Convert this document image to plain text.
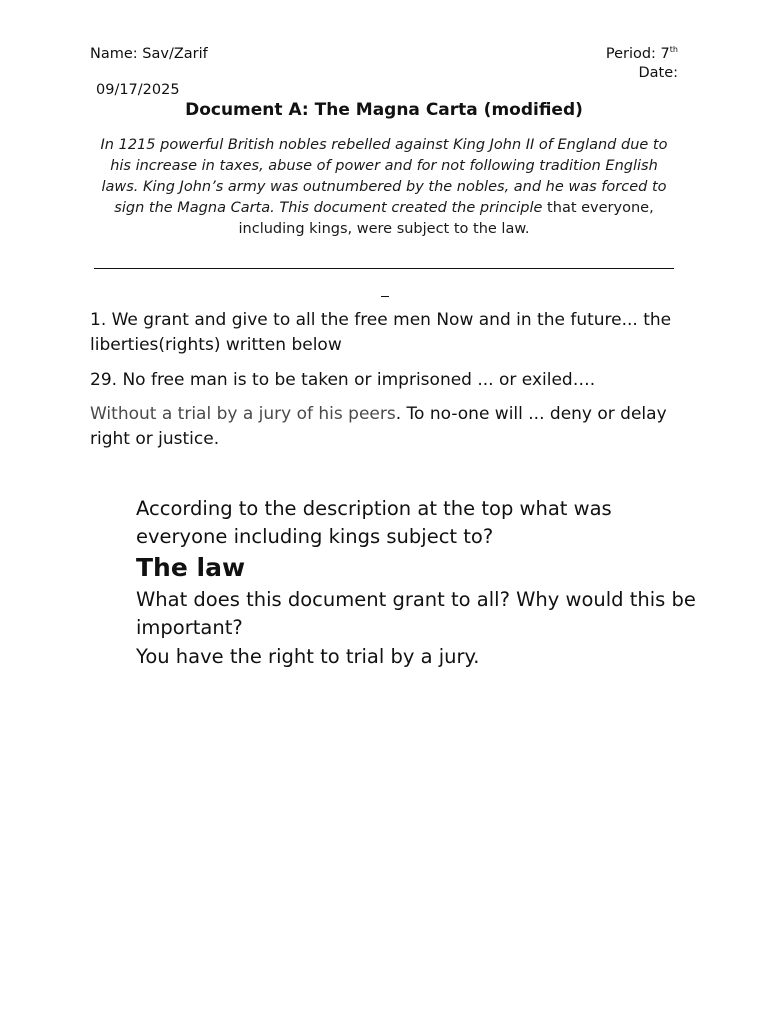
Name: Sav/Zarif	Period: 7th
Date:
09/17/2025
Document A: The Magna Carta (modified)
In 1215 powerful British nobles rebelled against King John II of England due to his increase in taxes, abuse of power and for not following tradition English laws. King John’s army was outnumbered by the nobles, and he was forced to sign the Magna Carta. This document created the principle that everyone, including kings, were subject to the law.
1. We grant and give to all the free men Now and in the future... the liberties(rights) written below
29. No free man is to be taken or imprisoned ... or exiled….
Without a trial by a jury of his peers. To no-one will ... deny or delay right or justice.
According to the description at the top what was everyone including kings subject to?
The law
What does this document grant to all? Why would this be important?
You have the right to trial by a jury.
